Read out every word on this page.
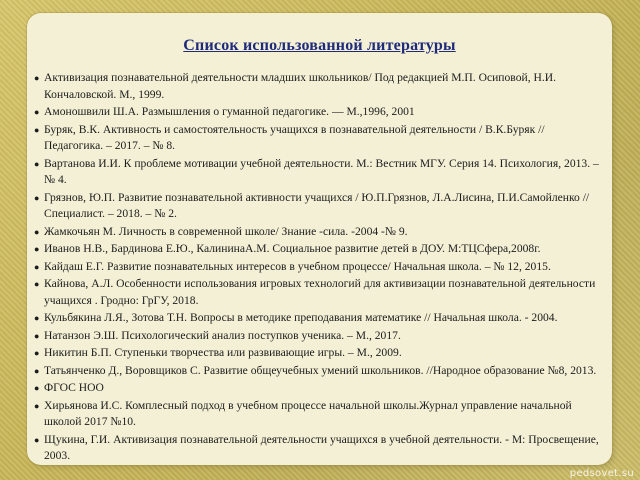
Список использованной литературы
● Активизация познавательной деятельности младших школьников/ Под редакцией М.П. Осиповой, Н.И. Кончаловской. М., 1999.
● Амоношвили Ш.А. Размышления о гуманной педагогике. — М.,1996, 2001
● Буряк, В.К. Активность и самостоятельность учащихся в познавательной деятельности / В.К.Буряк // Педагогика. – 2017. – № 8.
● Вартанова И.И. К проблеме мотивации учебной деятельности. М.: Вестник МГУ. Серия 14. Психология, 2013. – № 4.
● Грязнов, Ю.П. Развитие познавательной активности учащихся / Ю.П.Грязнов, Л.А.Лисина, П.И.Самойленко // Специалист. – 2018. – № 2.
● Жамкочьян М. Личность в современной школе/ Знание -сила. -2004 -№ 9.
● Иванов Н.В., Бардинова Е.Ю., КалининаА.М. Социальное развитие детей в ДОУ. М:ТЦСфера,2008г.
● Кайдаш Е.Г. Развитие познавательных интересов в учебном процессе/ Начальная школа. – № 12, 2015.
● Кайнова, А.Л. Особенности использования игровых технологий для активизации познавательной деятельности учащихся . Гродно: ГрГУ, 2018.
● Кульбякина Л.Я., Зотова Т.Н. Вопросы в методике преподавания математике // Начальная школа. - 2004.
● Натанзон Э.Ш. Психологический анализ поступков ученика. – М., 2017.
● Никитин Б.П. Ступеньки творчества или развивающие игры. – М., 2009.
● Татьянченко Д., Воровщиков С. Развитие общеучебных умений школьников. //Народное образование №8, 2013.
● ФГОС НОО
● Хирьянова И.С. Комплесный подход в учебном процессе начальной школы.Журнал управление начальной школой 2017 №10.
● Щукина, Г.И. Активизация познавательной деятельности учащихся в учебной деятельности. - М: Просвещение, 2003.
pedsovet.su
